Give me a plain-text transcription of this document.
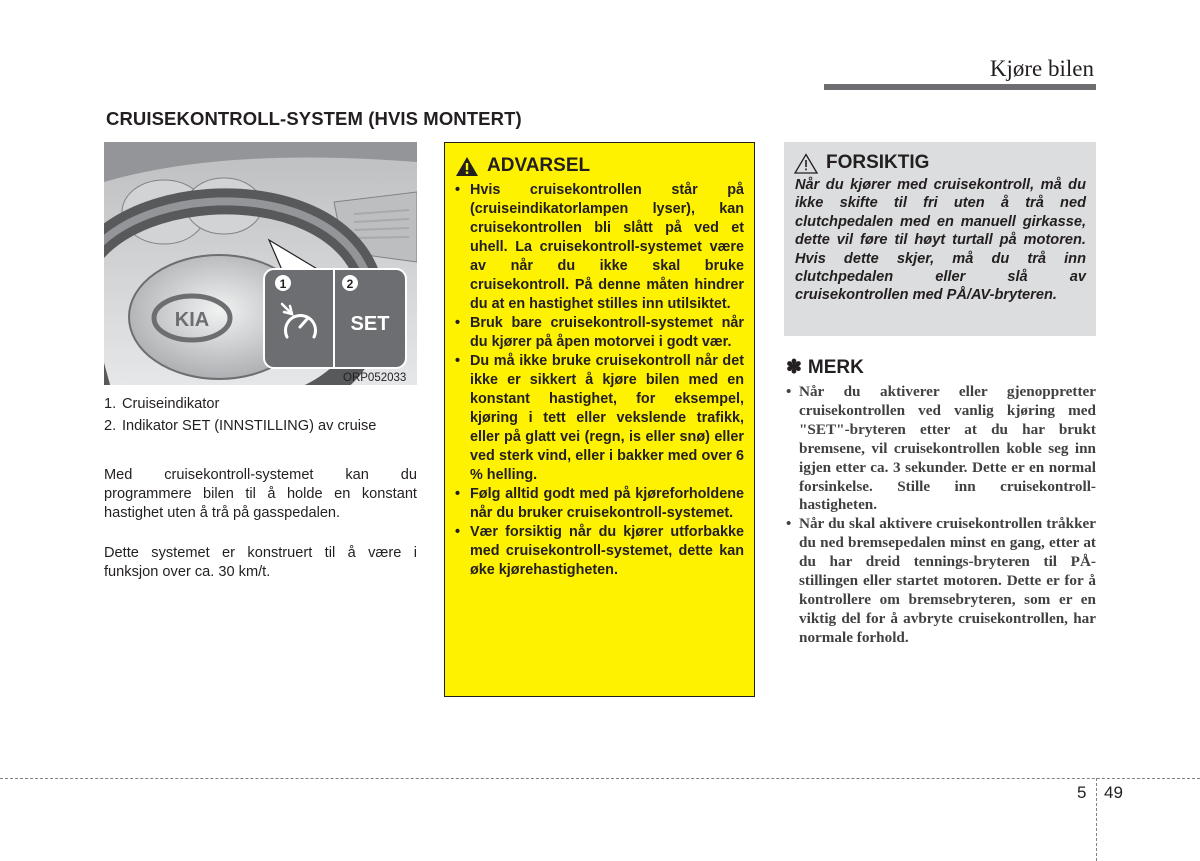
Kjøre bilen
CRUISEKONTROLL-SYSTEM (HVIS MONTERT)
KIA
1	2
SET
ORP052033
1. Cruiseindikator
2. Indikator SET (INNSTILLING) av cruise
Med cruisekontroll-systemet kan du programmere bilen til å holde en konstant hastighet uten å trå på gasspedalen.
Dette systemet er konstruert til å være i funksjon over ca. 30 km/t.
ADVARSEL
• Hvis cruisekontrollen står på (cruiseindikatorlampen lyser), kan cruisekontrollen bli slått på ved et uhell. La cruisekontroll-systemet være av når du ikke skal bruke cruisekontroll. På denne måten hindrer du at en hastighet stilles inn utilsiktet.
• Bruk bare cruisekontroll-systemet når du kjører på åpen motorvei i godt vær.
• Du må ikke bruke cruisekontroll når det ikke er sikkert å kjøre bilen med en konstant hastighet, for eksempel, kjøring i tett eller vekslende trafikk, eller på glatt vei (regn, is eller snø) eller ved sterk vind, eller i bakker med over 6 % helling.
• Følg alltid godt med på kjøreforholdene når du bruker cruisekontroll-systemet.
• Vær forsiktig når du kjører utforbakke med cruisekontroll-systemet, dette kan øke kjørehastigheten.
FORSIKTIG
Når du kjører med cruisekontroll, må du ikke skifte til fri uten å trå ned clutchpedalen med en manuell girkasse, dette vil føre til høyt turtall på motoren. Hvis dette skjer, må du trå inn clutchpedalen eller slå av cruisekontrollen med PÅ/AV-bryteren.
✽ MERK
• Når du aktiverer eller gjenoppretter cruisekontrollen ved vanlig kjøring med "SET"-bryteren etter at du har brukt bremsene, vil cruisekontrollen koble seg inn igjen etter ca. 3 sekunder. Dette er en normal forsinkelse. Stille inn cruisekontroll-hastigheten.
• Når du skal aktivere cruisekontrollen tråkker du ned bremsepedalen minst en gang, etter at du har dreid tennings-bryteren til PÅ-stillingen eller startet motoren. Dette er for å kontrollere om bremsebryteren, som er en viktig del for å avbryte cruisekontrollen, har normale forhold.
5 49
